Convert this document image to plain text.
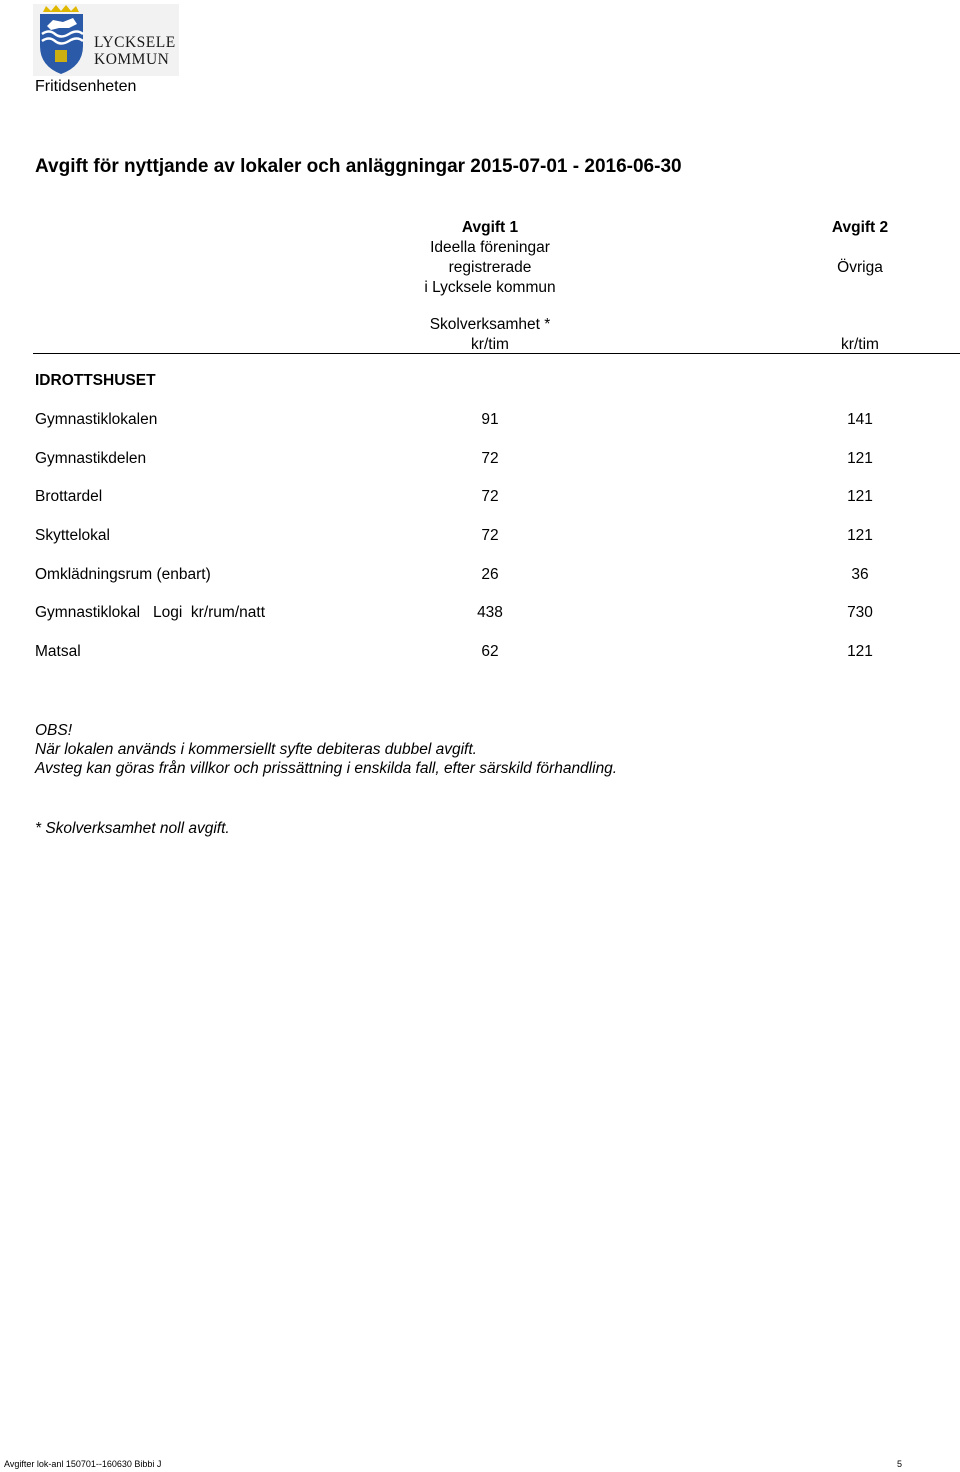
LYCKSELE
KOMMUN
Fritidsenheten
Avgift för nyttjande av lokaler och anläggningar 2015-07-01 - 2016-06-30
Avgift 1
Ideella föreningar
registrerade
i Lycksele kommun
Skolverksamhet *
kr/tim
Avgift 2
Övriga
kr/tim
IDROTTSHUSET
Gymnastiklokalen	91	141
Gymnastikdelen	72	121
Brottardel	72	121
Skyttelokal	72	121
Omklädningsrum (enbart)	26	36
Gymnastiklokal   Logi  kr/rum/natt	438	730
Matsal	62	121
OBS!
När lokalen används i kommersiellt syfte debiteras dubbel avgift.
Avsteg kan göras från villkor och prissättning i enskilda fall, efter särskild förhandling.
* Skolverksamhet noll avgift.
Avgifter lok-anl 150701--160630 Bibbi J	5
